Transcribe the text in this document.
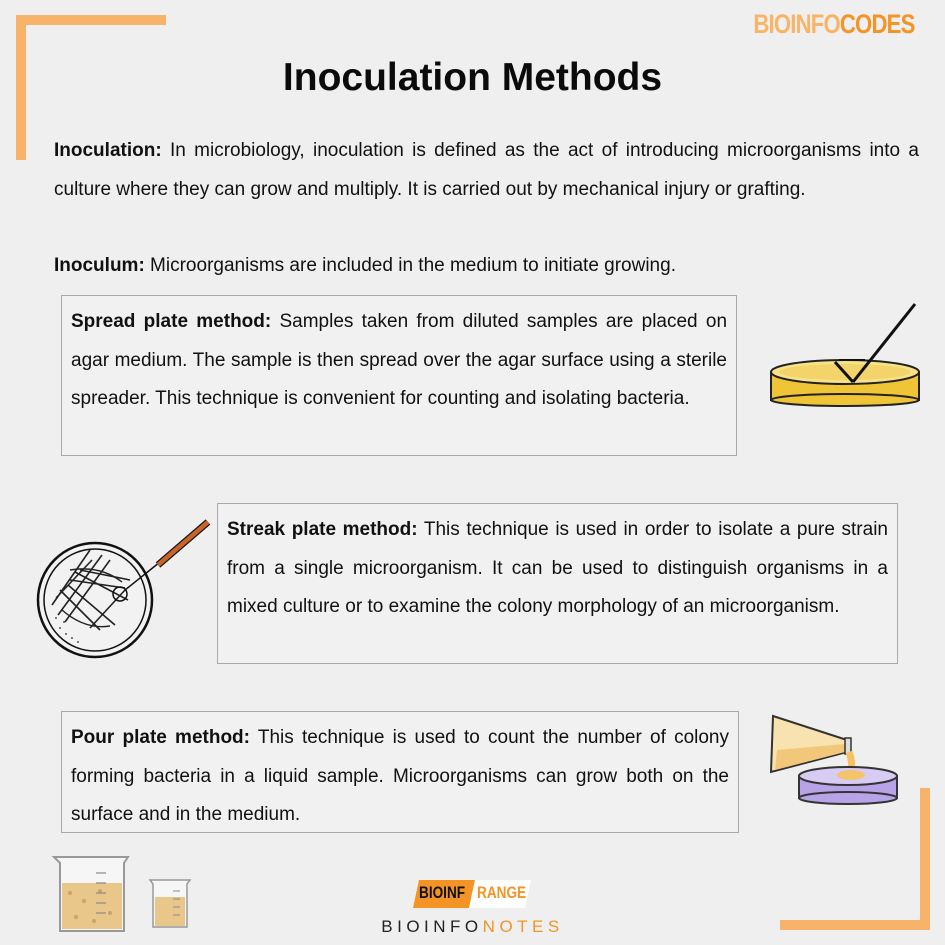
BIOINFOCODES
Inoculation Methods

Inoculation: In microbiology, inoculation is defined as the act of introducing microorganisms into a culture where they can grow and multiply. It is carried out by mechanical injury or grafting.

Inoculum: Microorganisms are included in the medium to initiate growing.

Spread plate method: Samples taken from diluted samples are placed on agar medium. The sample is then spread over the agar surface using a sterile spreader. This technique is convenient for counting and isolating bacteria.

Streak plate method: This technique is used in order to isolate a pure strain from a single microorganism. It can be used to distinguish organisms in a mixed culture or to examine the colony morphology of an microorganism.

Pour plate method: This technique is used to count the number of colony forming bacteria in a liquid sample. Microorganisms can grow both on the surface and in the medium.

BIOINF RANGE
BIOINFONOTES
